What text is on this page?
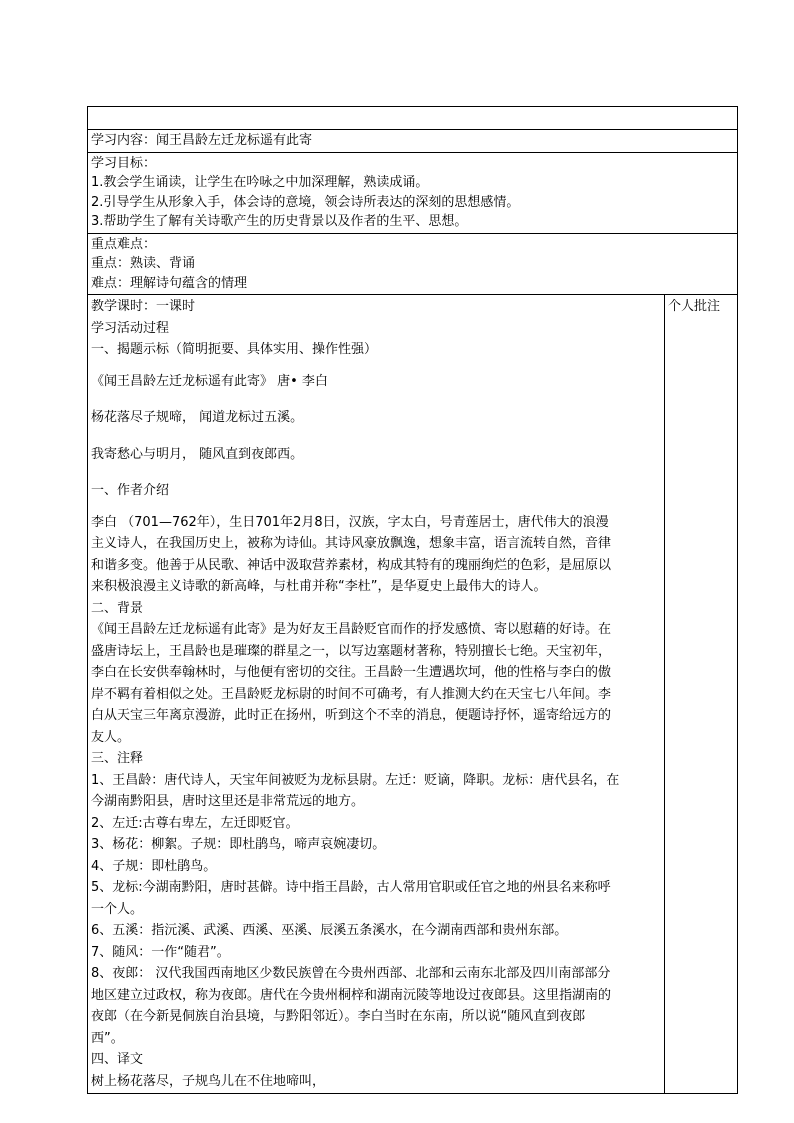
学习内容：闻王昌龄左迁龙标遥有此寄

学习目标：
1.教会学生诵读，让学生在吟咏之中加深理解，熟读成诵。
2.引导学生从形象入手，体会诗的意境，领会诗所表达的深刻的思想感情。
3.帮助学生了解有关诗歌产生的历史背景以及作者的生平、思想。

重点难点：
重点：熟读、背诵
难点：理解诗句蕴含的情理

教学课时：一课时
学习活动过程
一、揭题示标（简明扼要、具体实用、操作性强）
《闻王昌龄左迁龙标遥有此寄》 唐• 李白
杨花落尽子规啼， 闻道龙标过五溪。
我寄愁心与明月， 随风直到夜郎西。
一、作者介绍
李白 （701—762年），生日701年2月8日，汉族，字太白，号青莲居士，唐代伟大的浪漫
主义诗人，在我国历史上，被称为诗仙。其诗风豪放飘逸，想象丰富，语言流转自然，音律
和谐多变。他善于从民歌、神话中汲取营养素材，构成其特有的瑰丽绚烂的色彩，是屈原以
来积极浪漫主义诗歌的新高峰，与杜甫并称“李杜”，是华夏史上最伟大的诗人。
二、背景
《闻王昌龄左迁龙标遥有此寄》是为好友王昌龄贬官而作的抒发感愤、寄以慰藉的好诗。在
盛唐诗坛上，王昌龄也是璀璨的群星之一，以写边塞题材著称，特别擅长七绝。天宝初年，
李白在长安供奉翰林时，与他便有密切的交往。王昌龄一生遭遇坎坷，他的性格与李白的傲
岸不羁有着相似之处。王昌龄贬龙标尉的时间不可确考，有人推测大约在天宝七八年间。李
白从天宝三年离京漫游，此时正在扬州，听到这个不幸的消息，便题诗抒怀，遥寄给远方的
友人。
三、注释
1、王昌龄：唐代诗人，天宝年间被贬为龙标县尉。左迁：贬谪，降职。龙标：唐代县名，在
今湖南黔阳县，唐时这里还是非常荒远的地方。
2、左迁:古尊右卑左，左迁即贬官。
3、杨花：柳絮。子规：即杜鹃鸟，啼声哀婉凄切。
4、子规：即杜鹃鸟。
5、龙标:今湖南黔阳，唐时甚僻。诗中指王昌龄，古人常用官职或任官之地的州县名来称呼
一个人。
6、五溪：指沅溪、武溪、西溪、巫溪、辰溪五条溪水，在今湖南西部和贵州东部。
7、随风：一作“随君”。
8、夜郎： 汉代我国西南地区少数民族曾在今贵州西部、北部和云南东北部及四川南部部分
地区建立过政权，称为夜郎。唐代在今贵州桐梓和湖南沅陵等地设过夜郎县。这里指湖南的
夜郎（在今新晃侗族自治县境，与黔阳邻近）。李白当时在东南，所以说“随风直到夜郎
西”。
四、译文
树上杨花落尽，子规鸟儿在不住地啼叫，

个人批注
